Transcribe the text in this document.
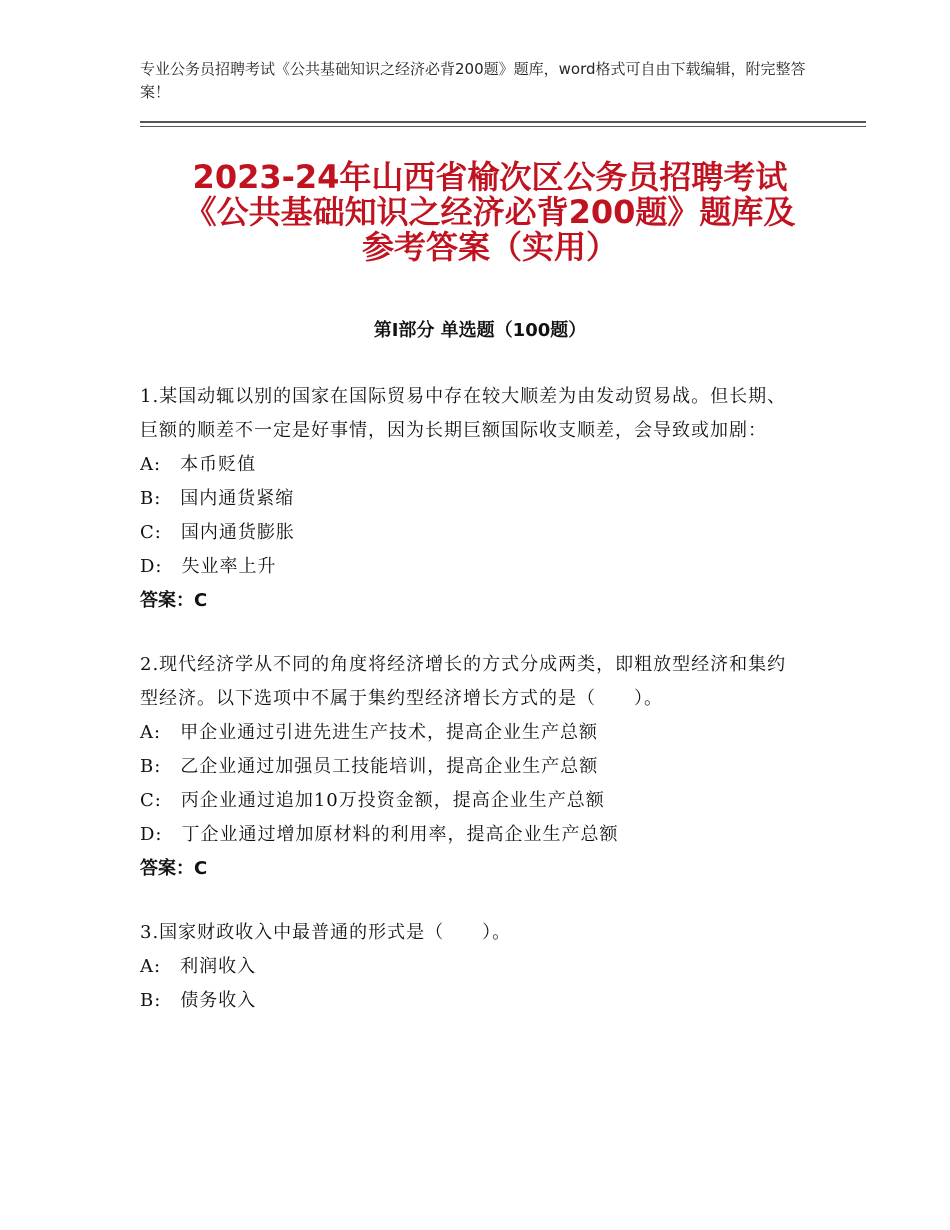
专业公务员招聘考试《公共基础知识之经济必背200题》题库，word格式可自由下载编辑，附完整答案！
2023-24年山西省榆次区公务员招聘考试
《公共基础知识之经济必背200题》题库及
参考答案（实用）
第Ⅰ部分 单选题（100题）
1.某国动辄以别的国家在国际贸易中存在较大顺差为由发动贸易战。但长期、巨额的顺差不一定是好事情，因为长期巨额国际收支顺差，会导致或加剧：
A:　本币贬值
B:　国内通货紧缩
C:　国内通货膨胀
D:　失业率上升
答案：C
2.现代经济学从不同的角度将经济增长的方式分成两类，即粗放型经济和集约型经济。以下选项中不属于集约型经济增长方式的是（　　）。
A:　甲企业通过引进先进生产技术，提高企业生产总额
B:　乙企业通过加强员工技能培训，提高企业生产总额
C:　丙企业通过追加10万投资金额，提高企业生产总额
D:　丁企业通过增加原材料的利用率，提高企业生产总额
答案：C
3.国家财政收入中最普通的形式是（　　）。
A:　利润收入
B:　债务收入
